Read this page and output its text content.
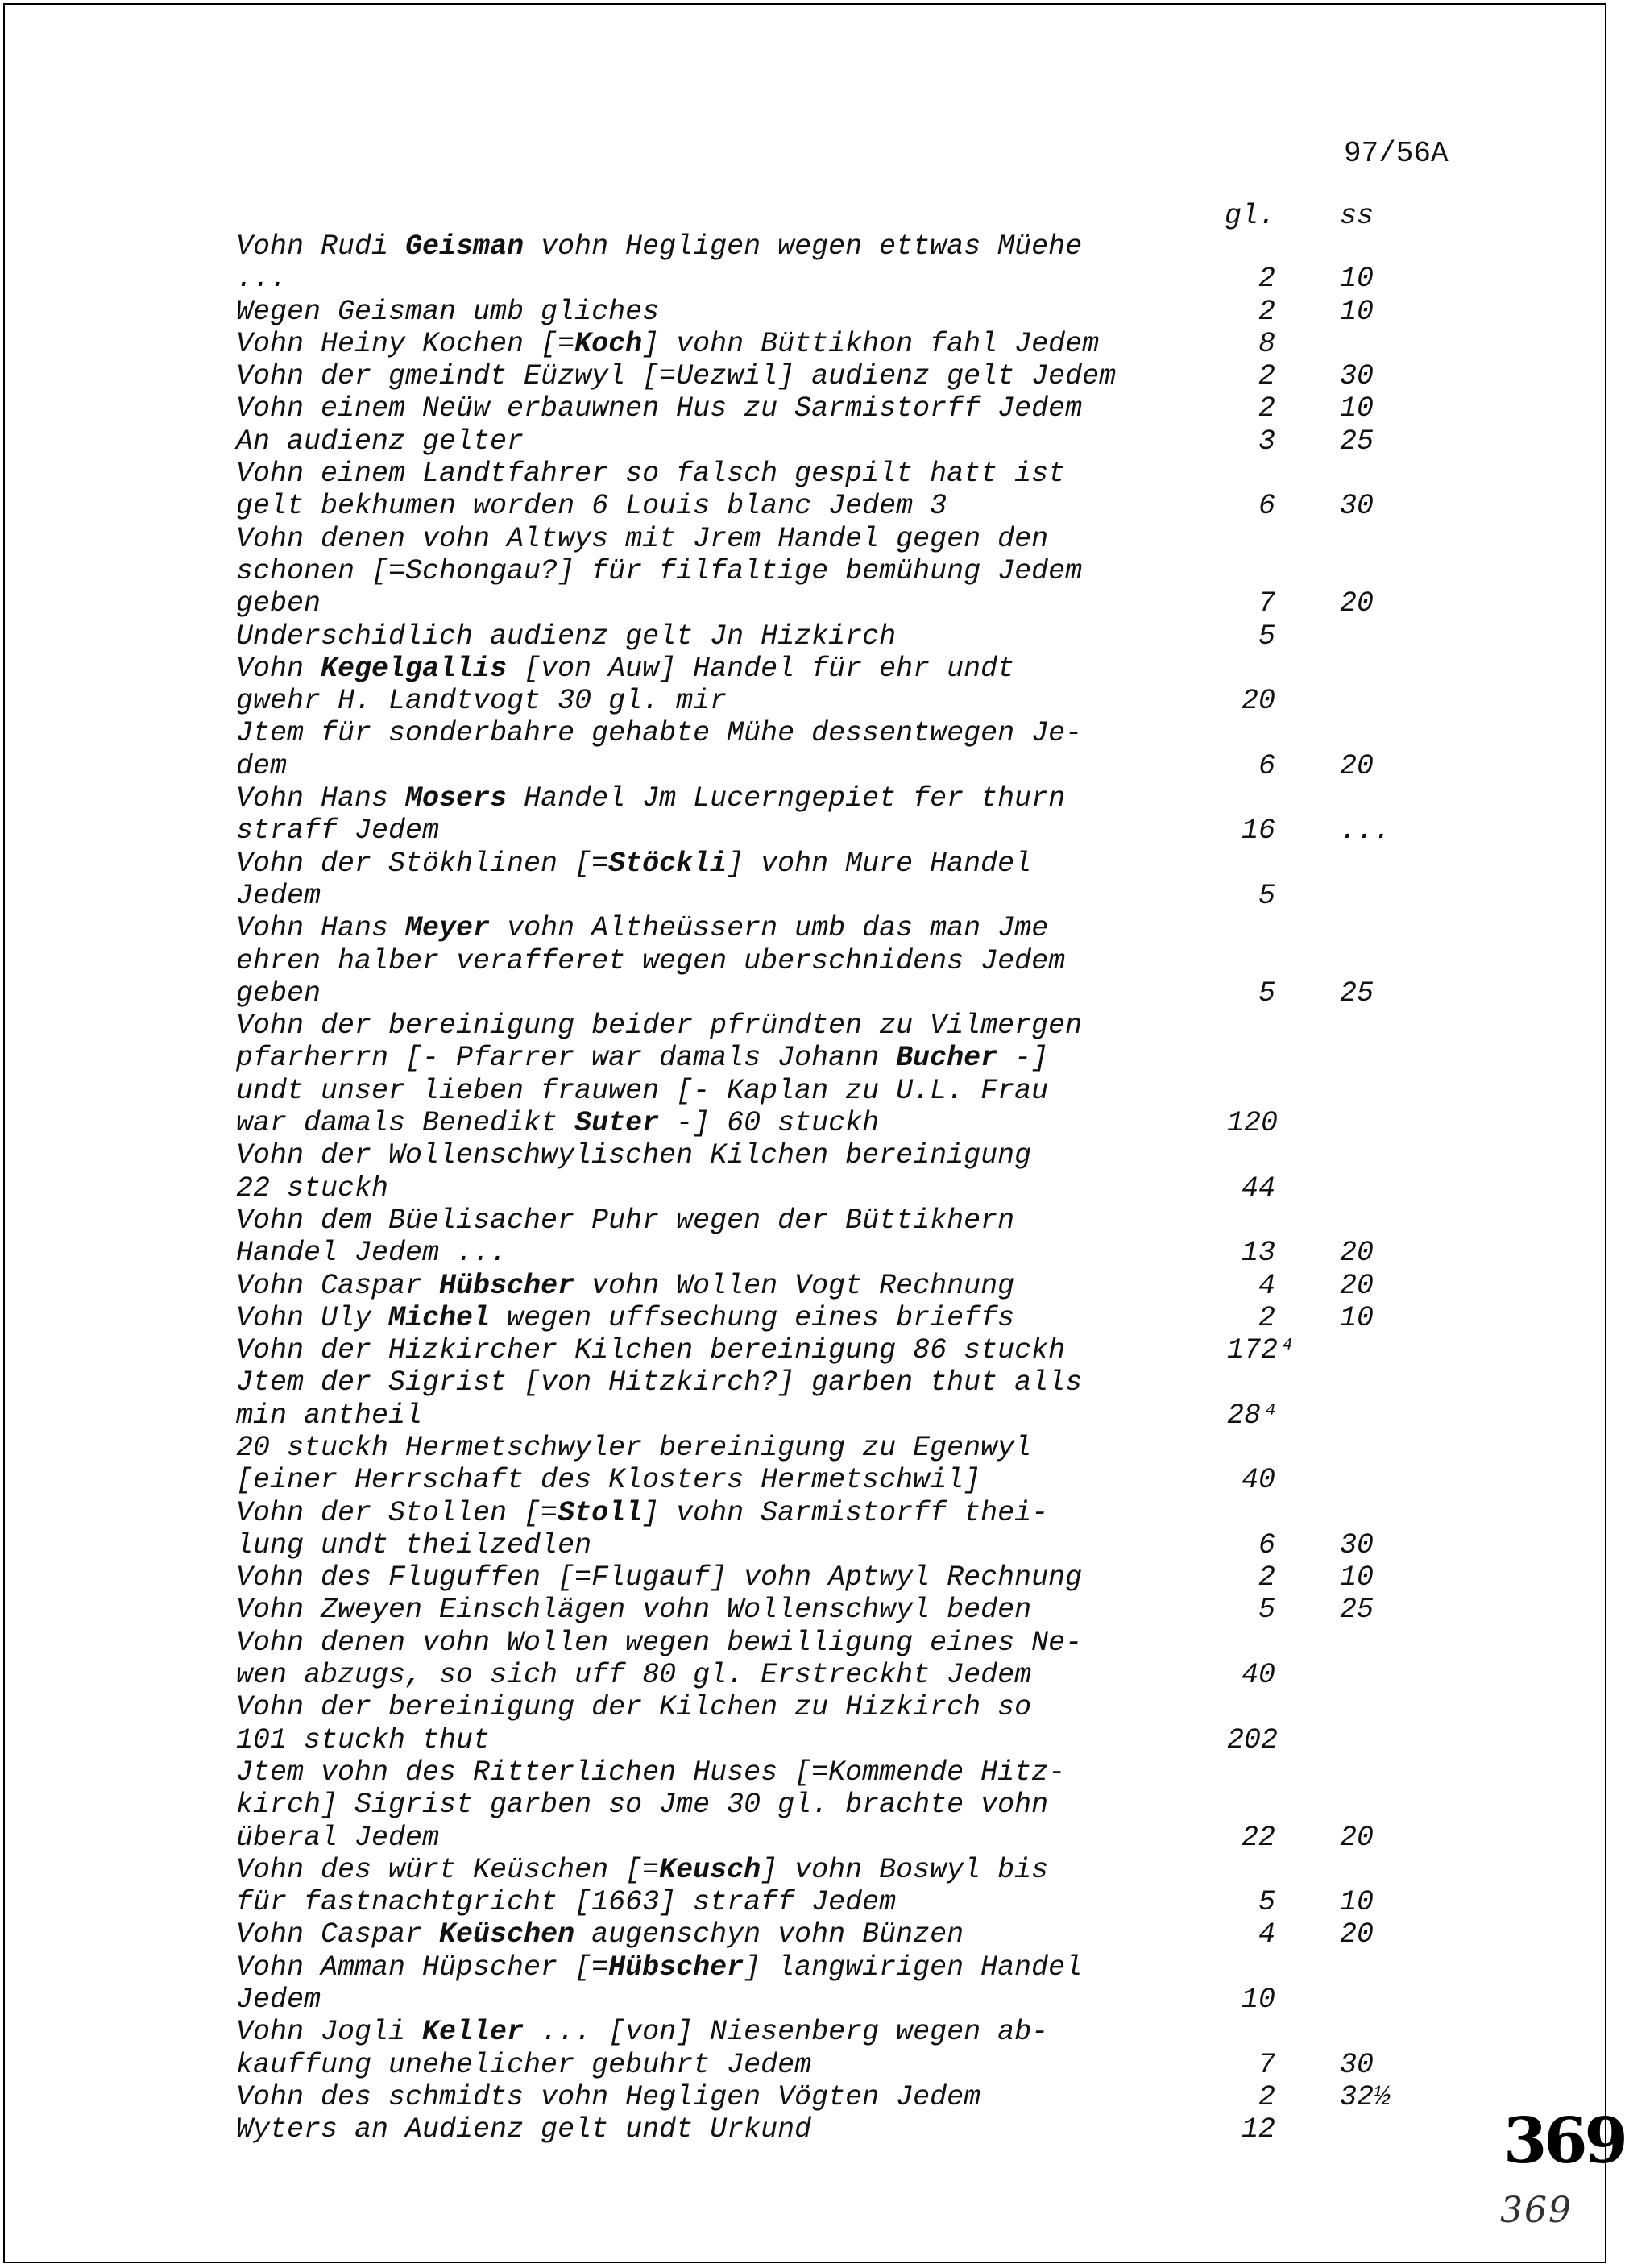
97/56A
gl. ss
Vohn Rudi Geisman vohn Hegligen wegen ettwas Müehe
...	2 10
Wegen Geisman umb gliches	2 10
Vohn Heiny Kochen [=Koch] vohn Büttikhon fahl Jedem	8
Vohn der gmeindt Eüzwyl [=Uezwil] audienz gelt Jedem	2 30
Vohn einem Neüw erbauwnen Hus zu Sarmistorff Jedem	2 10
An audienz gelter	3 25
Vohn einem Landtfahrer so falsch gespilt hatt ist
gelt bekhumen worden 6 Louis blanc Jedem 3	6 30
Vohn denen vohn Altwys mit Jrem Handel gegen den
schonen [=Schongau?] für filfaltige bemühung Jedem
geben	7 20
Underschidlich audienz gelt Jn Hizkirch	5
Vohn Kegelgallis [von Auw] Handel für ehr undt
gwehr H. Landtvogt 30 gl. mir	20
Jtem für sonderbahre gehabte Mühe dessentwegen Je-
dem	6 20
Vohn Hans Mosers Handel Jm Lucerngepiet fer thurn
straff Jedem	16 ...
Vohn der Stökhlinen [=Stöckli] vohn Mure Handel
Jedem	5
Vohn Hans Meyer vohn Altheüssern umb das man Jme
ehren halber verafferet wegen uberschnidens Jedem
geben	5 25
Vohn der bereinigung beider pfründten zu Vilmergen
pfarherrn [- Pfarrer war damals Johann Bucher -]
undt unser lieben frauwen [- Kaplan zu U.L. Frau
war damals Benedikt Suter -] 60 stuckh	120
Vohn der Wollenschwylischen Kilchen bereinigung
22 stuckh	44
Vohn dem Büelisacher Puhr wegen der Büttikhern
Handel Jedem ...	13 20
Vohn Caspar Hübscher vohn Wollen Vogt Rechnung	4 20
Vohn Uly Michel wegen uffsechung eines brieffs	2 10
Vohn der Hizkircher Kilchen bereinigung 86 stuckh	172⁴
Jtem der Sigrist [von Hitzkirch?] garben thut alls
min antheil	28⁴
20 stuckh Hermetschwyler bereinigung zu Egenwyl
[einer Herrschaft des Klosters Hermetschwil]	40
Vohn der Stollen [=Stoll] vohn Sarmistorff thei-
lung undt theilzedlen	6 30
Vohn des Fluguffen [=Flugauf] vohn Aptwyl Rechnung	2 10
Vohn Zweyen Einschlägen vohn Wollenschwyl beden	5 25
Vohn denen vohn Wollen wegen bewilligung eines Ne-
wen abzugs, so sich uff 80 gl. Erstreckht Jedem	40
Vohn der bereinigung der Kilchen zu Hizkirch so
101 stuckh thut	202
Jtem vohn des Ritterlichen Huses [=Kommende Hitz-
kirch] Sigrist garben so Jme 30 gl. brachte vohn
überal Jedem	22 20
Vohn des würt Keüschen [=Keusch] vohn Boswyl bis
für fastnachtgricht [1663] straff Jedem	5 10
Vohn Caspar Keüschen augenschyn vohn Bünzen	4 20
Vohn Amman Hüpscher [=Hübscher] langwirigen Handel
Jedem	10
Vohn Jogli Keller ... [von] Niesenberg wegen ab-
kauffung unehelicher gebuhrt Jedem	7 30
Vohn des schmidts vohn Hegligen Vögten Jedem	2 32½
Wyters an Audienz gelt undt Urkund	12	369
369
